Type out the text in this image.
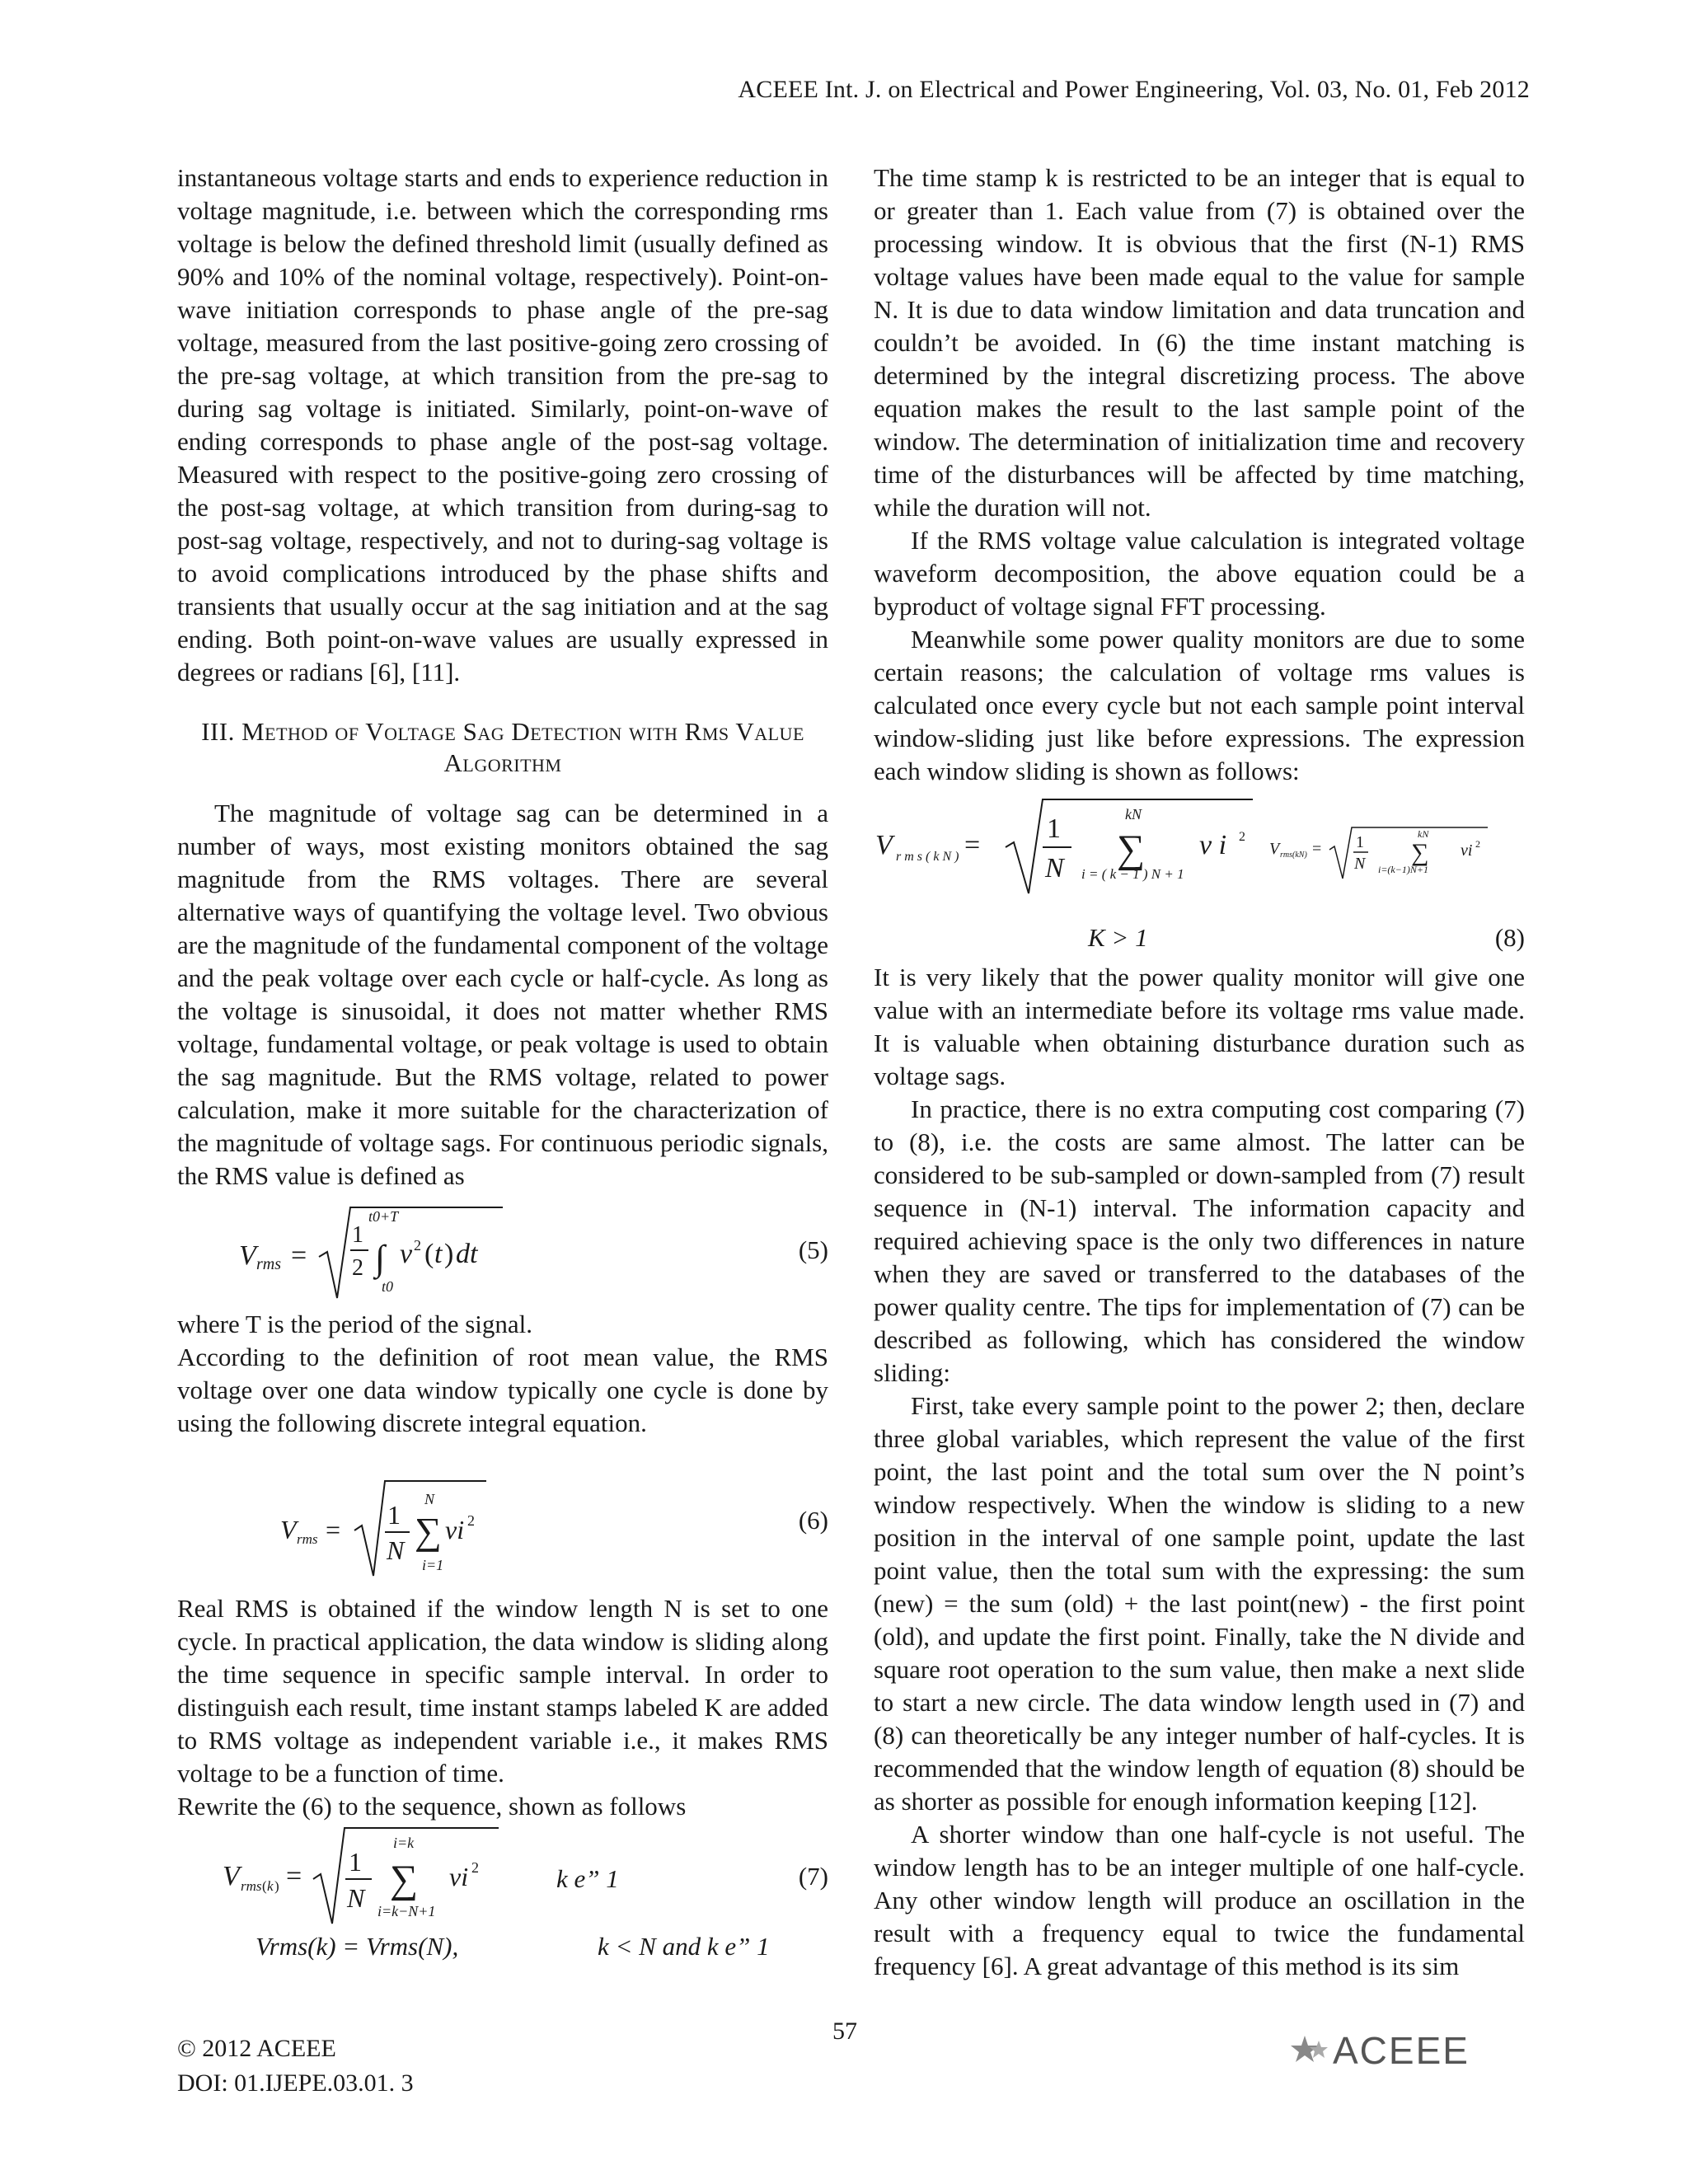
ACEEE Int. J. on Electrical and Power Engineering, Vol. 03, No. 01, Feb 2012

instantaneous voltage starts and ends to experience reduction in voltage magnitude, i.e. between which the corresponding rms voltage is below the defined threshold limit (usually defined as 90% and 10% of the nominal voltage, respectively). Point-on-wave initiation corresponds to phase angle of the pre-sag voltage, measured from the last positive-going zero crossing of the pre-sag voltage, at which transition from the pre-sag to during sag voltage is initiated. Similarly, point-on-wave of ending corresponds to phase angle of the post-sag voltage. Measured with respect to the positive-going zero crossing of the post-sag voltage, at which transition from during-sag to post-sag voltage, respectively, and not to during-sag voltage is to avoid complications introduced by the phase shifts and transients that usually occur at the sag initiation and at the sag ending. Both point-on-wave values are usually expressed in degrees or radians [6], [11].

III. Method of Voltage Sag Detection with Rms Value Algorithm

The magnitude of voltage sag can be determined in a number of ways, most existing monitors obtained the sag magnitude from the RMS voltages. There are several alternative ways of quantifying the voltage level. Two obvious are the magnitude of the fundamental component of the voltage and the peak voltage over each cycle or half-cycle. As long as the voltage is sinusoidal, it does not matter whether RMS voltage, fundamental voltage, or peak voltage is used to obtain the sag magnitude. But the RMS voltage, related to power calculation, make it more suitable for the characterization of the magnitude of voltage sags. For continuous periodic signals, the RMS value is defined as

V rms =
1
2
t0+T
∫
t0
v 2 ( t ) dt	(5)

where T is the period of the signal.

According to the definition of root mean value, the RMS voltage over one data window typically one cycle is done by using the following discrete integral equation.

V rms = 1
N
N
∑
i=1
vi 2	(6)

Real RMS is obtained if the window length N is set to one cycle. In practical application, the data window is sliding along the time sequence in specific sample interval. In order to distinguish each result, time instant stamps labeled K are added to RMS voltage as independent variable i.e., it makes RMS voltage to be a function of time.

Rewrite the (6) to the sequence, shown as follows

V rms ( k ) = 1
N
i=k
∑
i=k−N+1
vi 2	k e” 1	(7)
Vrms(k) = Vrms(N),	k < N and k e” 1

The time stamp k is restricted to be an integer that is equal to or greater than 1. Each value from (7) is obtained over the processing window. It is obvious that the first (N-1) RMS voltage values have been made equal to the value for sample N. It is due to data window limitation and data truncation and couldn’t be avoided. In (6) the time instant matching is determined by the integral discretizing process. The above equation makes the result to the last sample point of the window. The determination of initialization time and recovery time of the disturbances will be affected by time matching, while the duration will not.

If the RMS voltage value calculation is integrated voltage waveform decomposition, the above equation could be a byproduct of voltage signal FFT processing.

Meanwhile some power quality monitors are due to some certain reasons; the calculation of voltage rms values is calculated once every cycle but not each sample point interval window-sliding just like before expressions. The expression each window sliding is shown as follows:

V r m s ( k N ) =
1
N
kN
∑
i = ( k − 1 ) N + 1
v i 2
V rms(kN) = 1
N
kN
∑
i=(k−1)N+1
vi 2
K > 1	(8)

It is very likely that the power quality monitor will give one value with an intermediate before its voltage rms value made. It is valuable when obtaining disturbance duration such as voltage sags.

In practice, there is no extra computing cost comparing (7) to (8), i.e. the costs are same almost. The latter can be considered to be sub-sampled or down-sampled from (7) result sequence in (N-1) interval. The information capacity and required achieving space is the only two differences in nature when they are saved or transferred to the databases of the power quality centre. The tips for implementation of (7) can be described as following, which has considered the window sliding:

First, take every sample point to the power 2; then, declare three global variables, which represent the value of the first point, the last point and the total sum over the N point’s window respectively. When the window is sliding to a new position in the interval of one sample point, update the last point value, then the total sum with the expressing: the sum (new) = the sum (old) + the last point(new) - the first point (old), and update the first point. Finally, take the N divide and square root operation to the sum value, then make a next slide to start a new circle. The data window length used in (7) and (8) can theoretically be any integer number of half-cycles. It is recommended that the window length of equation (8) should be as shorter as possible for enough information keeping [12].

A shorter window than one half-cycle is not useful. The window length has to be an integer multiple of one half-cycle. Any other window length will produce an oscillation in the result with a frequency equal to twice the fundamental frequency [6]. A great advantage of this method is its sim

© 2012 ACEEE
DOI: 01.IJEPE.03.01. 3
57	ACEEE
